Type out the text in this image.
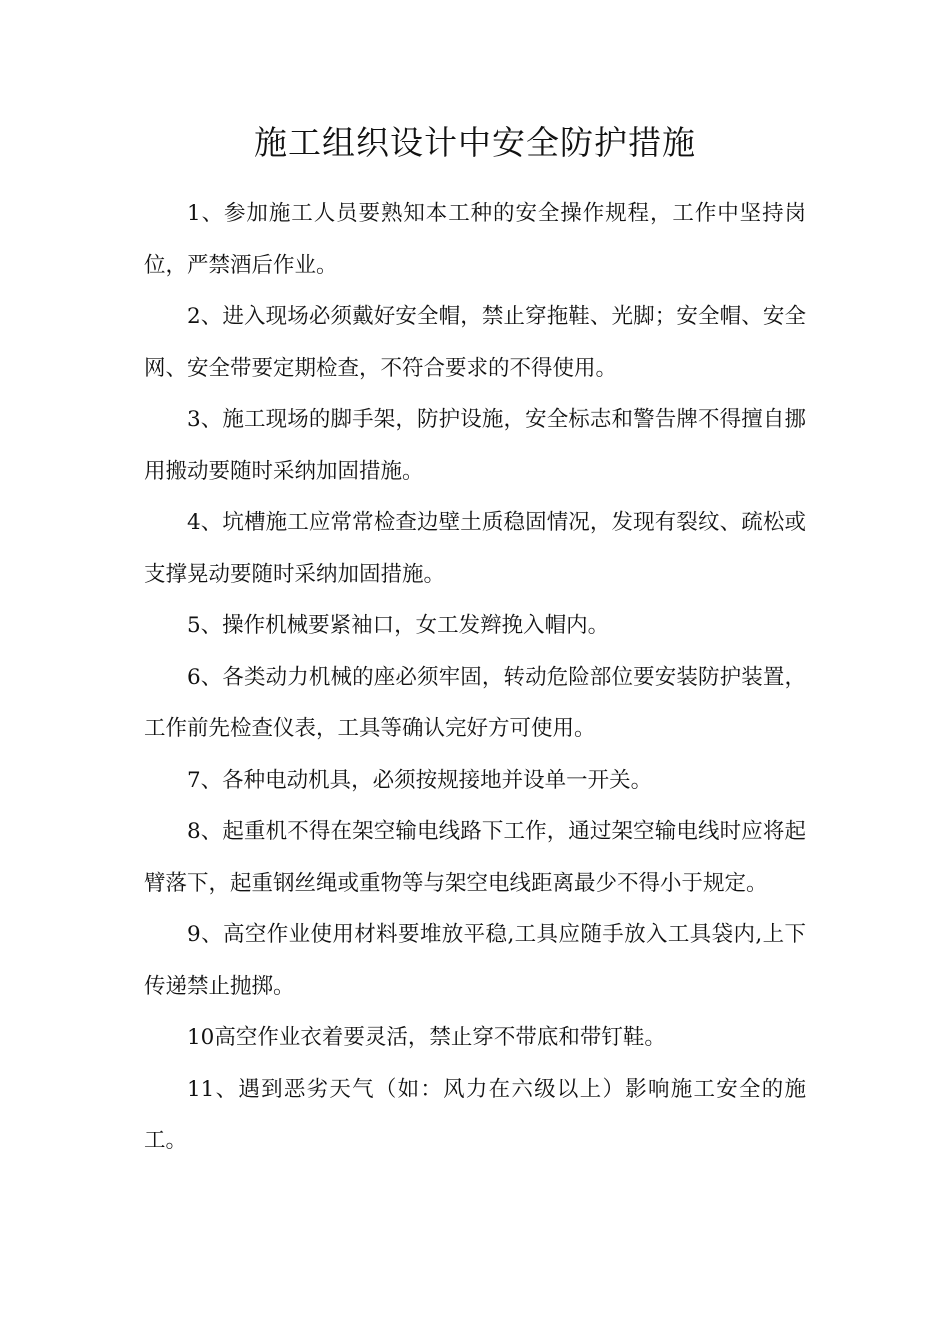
施工组织设计中安全防护措施

1、参加施工人员要熟知本工种的安全操作规程，工作中坚持岗位，严禁酒后作业。

2、进入现场必须戴好安全帽，禁止穿拖鞋、光脚；安全帽、安全网、安全带要定期检查，不符合要求的不得使用。

3、施工现场的脚手架，防护设施，安全标志和警告牌不得擅自挪用搬动要随时采纳加固措施。

4、坑槽施工应常常检查边壁土质稳固情况，发现有裂纹、疏松或支撑晃动要随时采纳加固措施。

5、操作机械要紧袖口，女工发辫挽入帽内。

6、各类动力机械的座必须牢固，转动危险部位要安装防护装置，工作前先检查仪表，工具等确认完好方可使用。

7、各种电动机具，必须按规接地并设单一开关。

8、起重机不得在架空输电线路下工作，通过架空输电线时应将起臂落下，起重钢丝绳或重物等与架空电线距离最少不得小于规定。

9、高空作业使用材料要堆放平稳,工具应随手放入工具袋内,上下传递禁止抛掷。

10高空作业衣着要灵活，禁止穿不带底和带钉鞋。

11、遇到恶劣天气（如：风力在六级以上）影响施工安全的施工。
